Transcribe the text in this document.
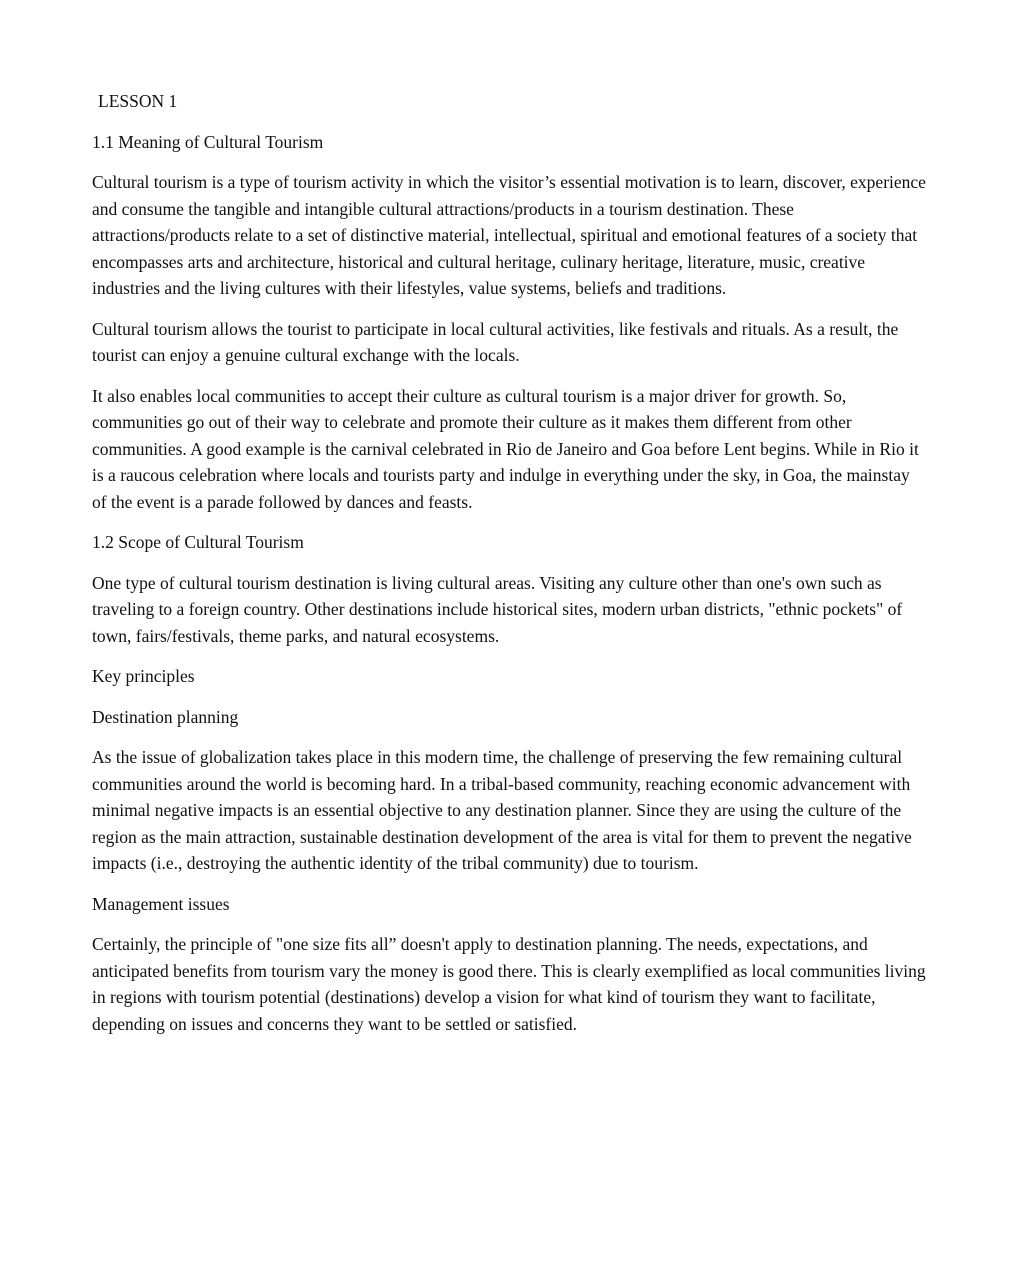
LESSON 1

1.1 Meaning of Cultural Tourism

Cultural tourism is a type of tourism activity in which the visitor’s essential motivation is to learn, discover, experience and consume the tangible and intangible cultural attractions/products in a tourism destination. These attractions/products relate to a set of distinctive material, intellectual, spiritual and emotional features of a society that encompasses arts and architecture, historical and cultural heritage, culinary heritage, literature, music, creative industries and the living cultures with their lifestyles, value systems, beliefs and traditions.

Cultural tourism allows the tourist to participate in local cultural activities, like festivals and rituals. As a result, the tourist can enjoy a genuine cultural exchange with the locals.

It also enables local communities to accept their culture as cultural tourism is a major driver for growth. So, communities go out of their way to celebrate and promote their culture as it makes them different from other communities. A good example is the carnival celebrated in Rio de Janeiro and Goa before Lent begins. While in Rio it is a raucous celebration where locals and tourists party and indulge in everything under the sky, in Goa, the mainstay of the event is a parade followed by dances and feasts.

1.2 Scope of Cultural Tourism

One type of cultural tourism destination is living cultural areas. Visiting any culture other than one's own such as traveling to a foreign country. Other destinations include historical sites, modern urban districts, "ethnic pockets" of town, fairs/festivals, theme parks, and natural ecosystems.

Key principles

Destination planning

As the issue of globalization takes place in this modern time, the challenge of preserving the few remaining cultural communities around the world is becoming hard. In a tribal-based community, reaching economic advancement with minimal negative impacts is an essential objective to any destination planner. Since they are using the culture of the region as the main attraction, sustainable destination development of the area is vital for them to prevent the negative impacts (i.e., destroying the authentic identity of the tribal community) due to tourism.

Management issues

Certainly, the principle of "one size fits all” doesn't apply to destination planning. The needs, expectations, and anticipated benefits from tourism vary the money is good there. This is clearly exemplified as local communities living in regions with tourism potential (destinations) develop a vision for what kind of tourism they want to facilitate, depending on issues and concerns they want to be settled or satisfied.
